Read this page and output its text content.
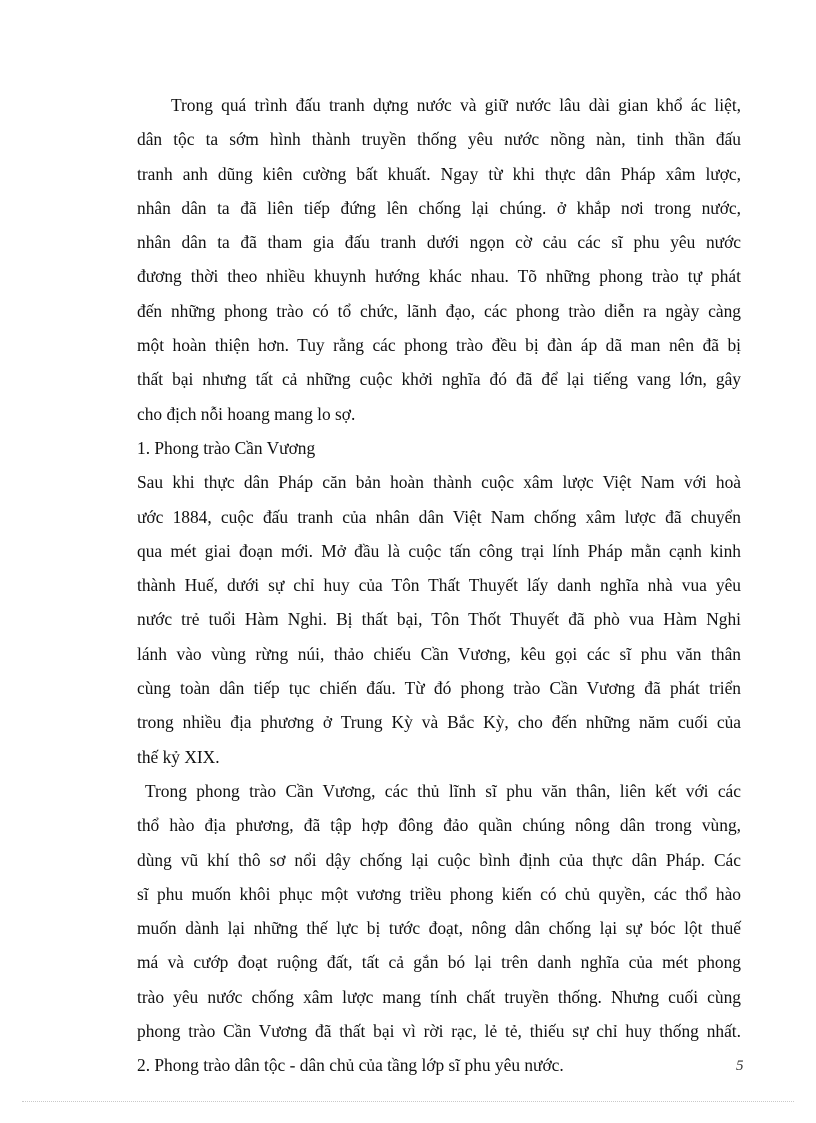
Trong quá trình đấu tranh dựng nước và giữ nước lâu dài gian khổ ác liệt,
dân tộc ta sớm hình thành truyền thống yêu nước nồng nàn, tinh thần đấu
tranh anh dũng kiên cường bất khuất. Ngay từ khi thực dân Pháp xâm lược,
nhân dân ta đã liên tiếp đứng lên chống lại chúng. ở khắp nơi trong nước,
nhân dân ta đã tham gia đấu tranh dưới ngọn cờ cảu các sĩ phu yêu nước
đương thời theo nhiều khuynh hướng khác nhau. Tõ những phong trào tự phát
đến những phong trào có tổ chức, lãnh đạo, các phong trào diễn ra ngày càng
một hoàn thiện hơn. Tuy rằng các phong trào đều bị đàn áp dã man nên đã bị
thất bại nhưng tất cả những cuộc khởi nghĩa đó đã để lại tiếng vang lớn, gây
cho địch nỗi hoang mang lo sợ.
1. Phong trào Cần Vương
Sau khi thực dân Pháp căn bản hoàn thành cuộc xâm lược Việt Nam với hoà
ước 1884, cuộc đấu tranh của nhân dân Việt Nam chống xâm lược đã chuyển
qua mét giai đoạn mới. Mở đầu là cuộc tấn công trại lính Pháp mằn cạnh kinh
thành Huế, dưới sự chỉ huy của Tôn Thất Thuyết lấy danh nghĩa nhà vua yêu
nước trẻ tuổi Hàm Nghi. Bị thất bại, Tôn Thốt Thuyết đã phò vua Hàm Nghi
lánh vào vùng rừng núi, thảo chiếu Cần Vương, kêu gọi các sĩ phu văn thân
cùng toàn dân tiếp tục chiến đấu. Từ đó phong trào Cần Vương đã phát triển
trong nhiều địa phương ở Trung Kỳ và Bắc Kỳ, cho đến những năm cuối của
thế kỷ XIX.
Trong phong trào Cần Vương, các thủ lĩnh sĩ phu văn thân, liên kết với các
thổ hào địa phương, đã tập hợp đông đảo quần chúng nông dân trong vùng,
dùng vũ khí thô sơ nổi dậy chống lại cuộc bình định của thực dân Pháp. Các
sĩ phu muốn khôi phục một vương triều phong kiến có chủ quyền, các thổ hào
muốn dành lại những thế lực bị tước đoạt, nông dân chống lại sự bóc lột thuế
má và cướp đoạt ruộng đất, tất cả gắn bó lại trên danh nghĩa của mét phong
trào yêu nước chống xâm lược mang tính chất truyền thống. Nhưng cuối cùng
phong trào Cần Vương đã thất bại vì rời rạc, lẻ tẻ, thiếu sự chỉ huy thống nhất.
2. Phong trào dân tộc - dân chủ của tầng lớp sĩ phu yêu nước.	5
